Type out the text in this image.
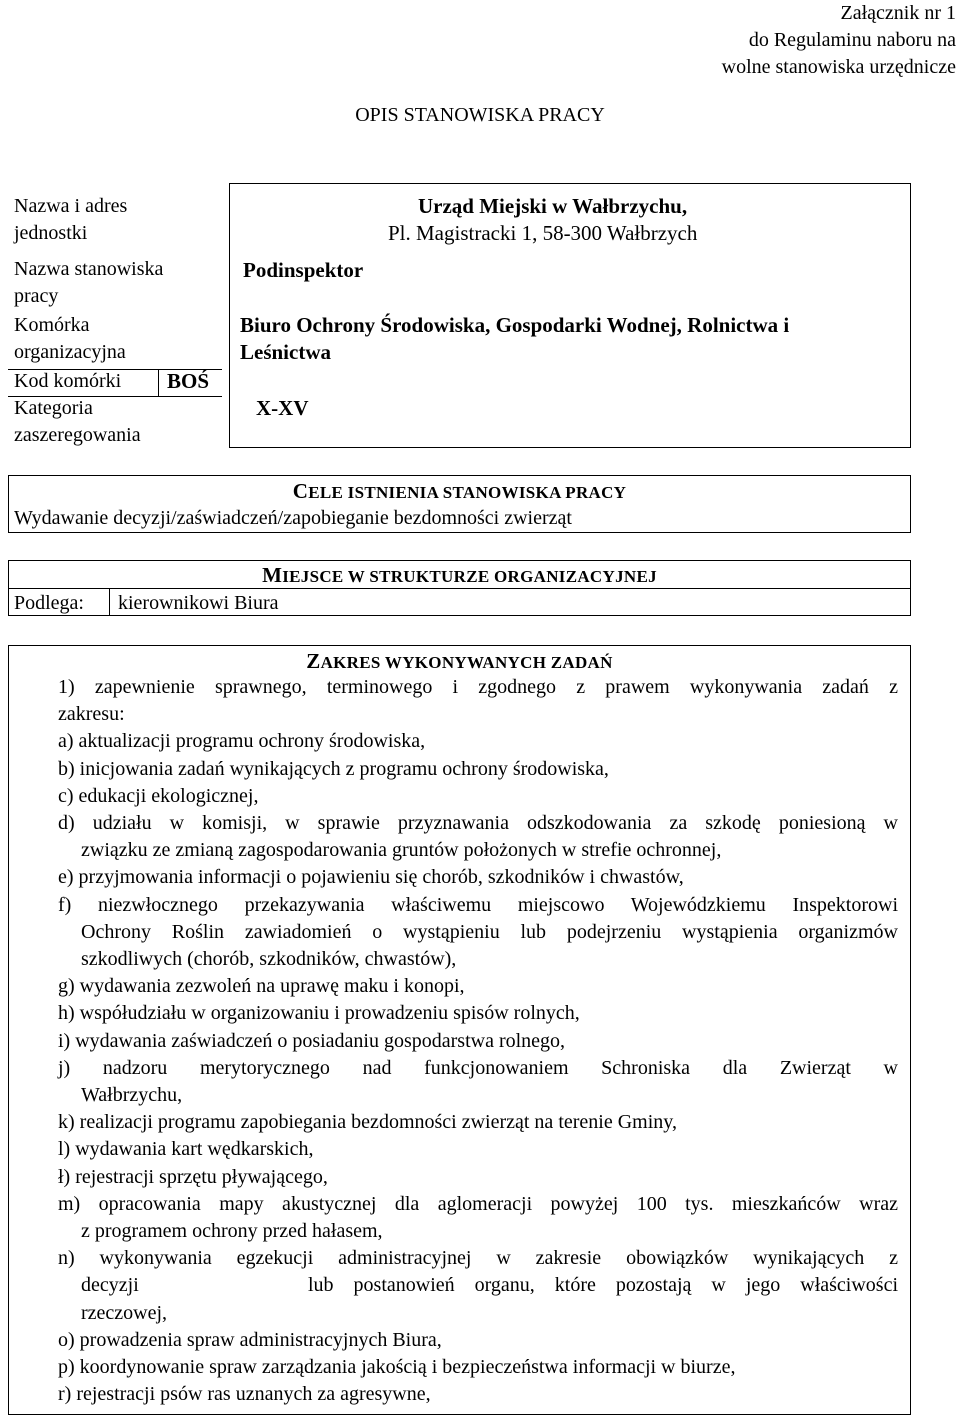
Załącznik nr 1
do Regulaminu naboru na
wolne stanowiska urzędnicze
OPIS STANOWISKA PRACY
Nazwa i adres
jednostki
Nazwa stanowiska
pracy
Komórka
organizacyjna
Kod komórki BOŚ
Kategoria
zaszeregowania
Urząd Miejski w Wałbrzychu,
Pl. Magistracki 1, 58-300 Wałbrzych
Podinspektor
Biuro Ochrony Środowiska, Gospodarki Wodnej, Rolnictwa i
Leśnictwa
X-XV
CELE ISTNIENIA STANOWISKA PRACY
Wydawanie decyzji/zaświadczeń/zapobieganie bezdomności zwierząt
MIEJSCE W STRUKTURZE ORGANIZACYJNEJ
Podlega: kierownikowi Biura
ZAKRES WYKONYWANYCH ZADAŃ
1) zapewnienie sprawnego, terminowego i zgodnego z prawem wykonywania zadań z
zakresu:
a) aktualizacji programu ochrony środowiska,
b) inicjowania zadań wynikających z programu ochrony środowiska,
c) edukacji ekologicznej,
d) udziału w komisji, w sprawie przyznawania odszkodowania za szkodę poniesioną w
związku ze zmianą zagospodarowania gruntów położonych w strefie ochronnej,
e) przyjmowania informacji o pojawieniu się chorób, szkodników i chwastów,
f) niezwłocznego przekazywania właściwemu miejscowo Wojewódzkiemu Inspektorowi
Ochrony Roślin zawiadomień o wystąpieniu lub podejrzeniu wystąpienia organizmów
szkodliwych (chorób, szkodników, chwastów),
g) wydawania zezwoleń na uprawę maku i konopi,
h) współudziału w organizowaniu i prowadzeniu spisów rolnych,
i) wydawania zaświadczeń o posiadaniu gospodarstwa rolnego,
j) nadzoru merytorycznego nad funkcjonowaniem Schroniska dla Zwierząt w
Wałbrzychu,
k) realizacji programu zapobiegania bezdomności zwierząt na terenie Gminy,
l) wydawania kart wędkarskich,
ł) rejestracji sprzętu pływającego,
m) opracowania mapy akustycznej dla aglomeracji powyżej 100 tys. mieszkańców wraz
z programem ochrony przed hałasem,
n) wykonywania egzekucji administracyjnej w zakresie obowiązków wynikających z
decyzji	lub postanowień organu, które pozostają w jego właściwości
rzeczowej,
o) prowadzenia spraw administracyjnych Biura,
p) koordynowanie spraw zarządzania jakością i bezpieczeństwa informacji w biurze,
r) rejestracji psów ras uznanych za agresywne,
